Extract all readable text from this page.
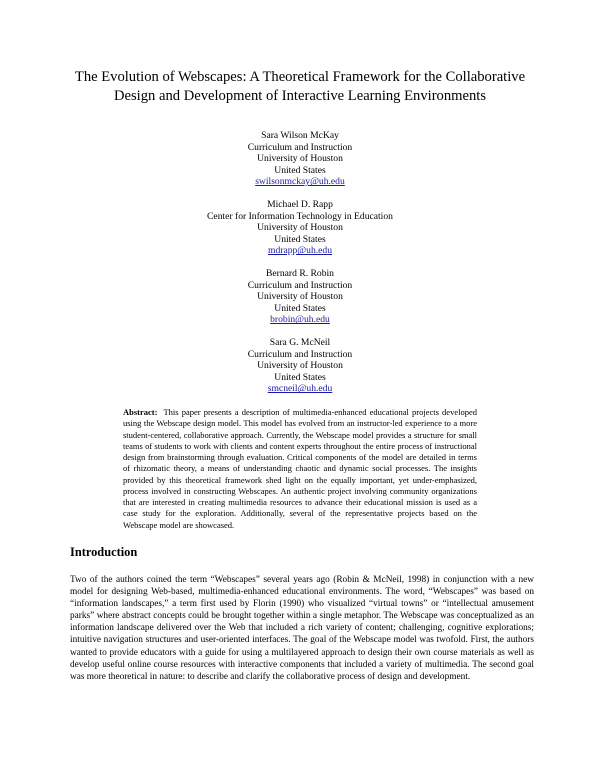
The Evolution of Webscapes: A Theoretical Framework for the Collaborative
Design and Development of Interactive Learning Environments
Sara Wilson McKay
Curriculum and Instruction
University of Houston
United States
swilsonmckay@uh.edu
Michael D. Rapp
Center for Information Technology in Education
University of Houston
United States
mdrapp@uh.edu
Bernard R. Robin
Curriculum and Instruction
University of Houston
United States
brobin@uh.edu
Sara G. McNeil
Curriculum and Instruction
University of Houston
United States
smcneil@uh.edu

Abstract: This paper presents a description of multimedia-enhanced educational projects developed using the Webscape design model. This model has evolved from an instructor-led experience to a more student-centered, collaborative approach. Currently, the Webscape model provides a structure for small teams of students to work with clients and content experts throughout the entire process of instructional design from brainstorming through evaluation. Critical components of the model are detailed in terms of rhizomatic theory, a means of understanding chaotic and dynamic social processes. The insights provided by this theoretical framework shed light on the equally important, yet under-emphasized, process involved in constructing Webscapes. An authentic project involving community organizations that are interested in creating multimedia resources to advance their educational mission is used as a case study for the exploration. Additionally, several of the representative projects based on the Webscape model are showcased.

Introduction

Two of the authors coined the term “Webscapes” several years ago (Robin & McNeil, 1998) in conjunction with a new model for designing Web-based, multimedia-enhanced educational environments. The word, “Webscapes” was based on “information landscapes,” a term first used by Florin (1990) who visualized “virtual towns” or “intellectual amusement parks” where abstract concepts could be brought together within a single metaphor. The Webscape was conceptualized as an information landscape delivered over the Web that included a rich variety of content; challenging, cognitive explorations; intuitive navigation structures and user-oriented interfaces. The goal of the Webscape model was twofold. First, the authors wanted to provide educators with a guide for using a multilayered approach to design their own course materials as well as develop useful online course resources with interactive components that included a variety of multimedia. The second goal was more theoretical in nature: to describe and clarify the collaborative process of design and development.
